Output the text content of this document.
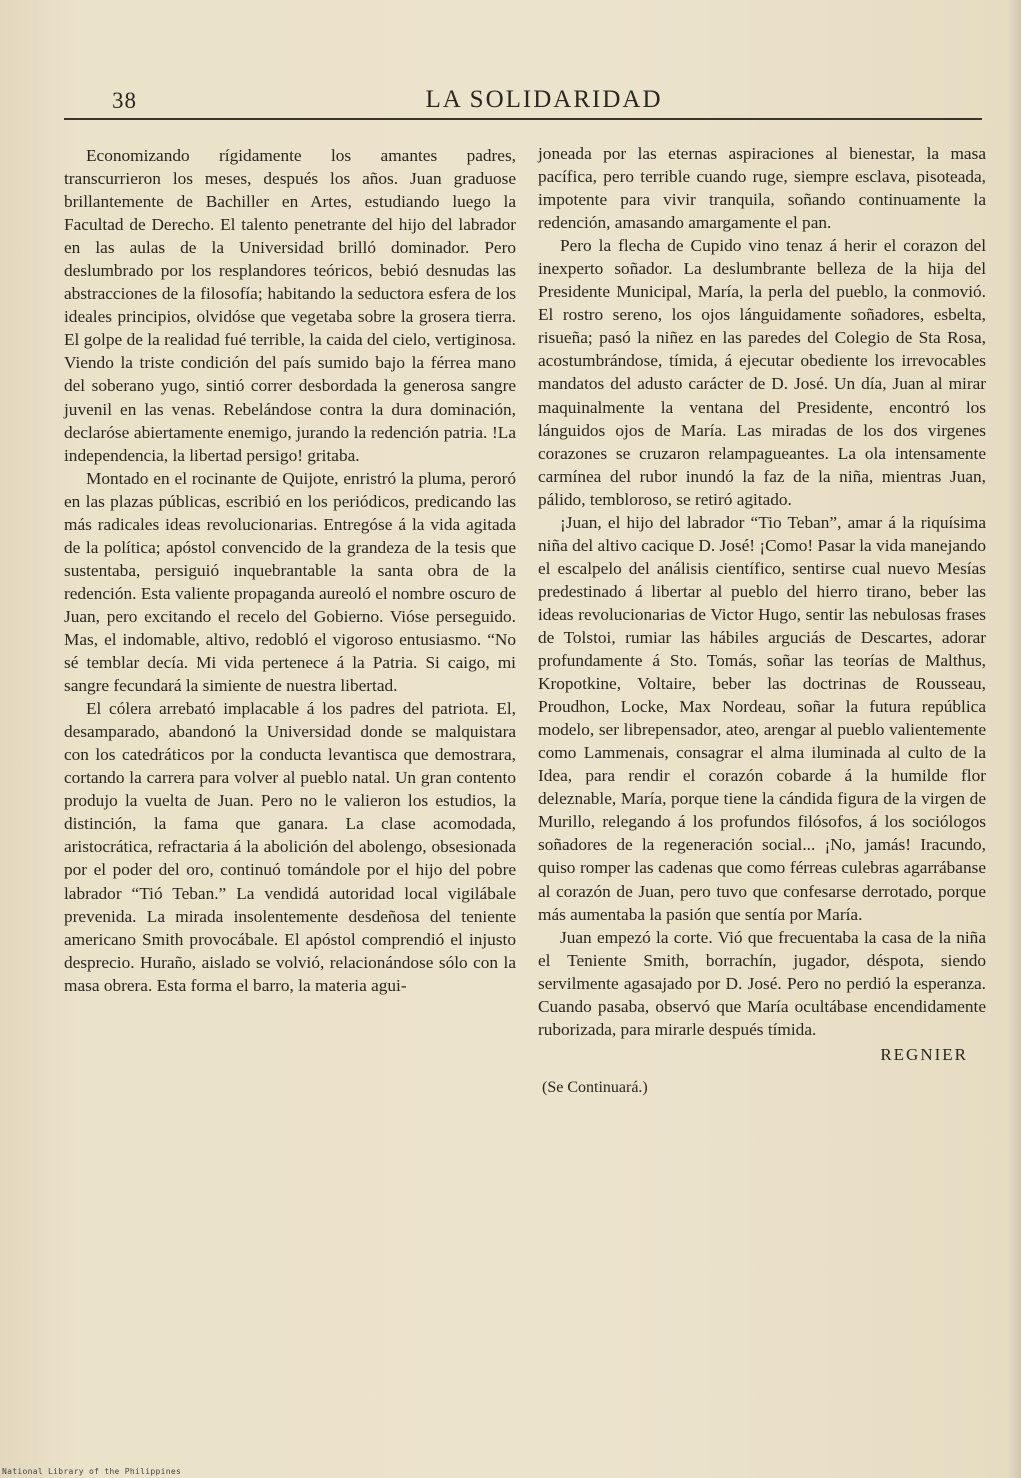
38	LA SOLIDARIDAD

Economizando rígidamente los amantes padres, transcurrieron los meses, después los años. Juan graduose brillantemente de Bachiller en Artes, estudiando luego la Facultad de Derecho. El talento penetrante del hijo del labrador en las aulas de la Universidad brilló dominador. Pero deslumbrado por los resplandores teóricos, bebió desnudas las abstracciones de la filosofía; habitando la seductora esfera de los ideales principios, olvidóse que vegetaba sobre la grosera tierra. El golpe de la realidad fué terrible, la caida del cielo, vertiginosa. Viendo la triste condición del país sumido bajo la férrea mano del soberano yugo, sintió correr desbordada la generosa sangre juvenil en las venas. Rebelándose contra la dura dominación, declaróse abiertamente enemigo, jurando la redención patria. !La independencia, la libertad persigo! gritaba.

Montado en el rocinante de Quijote, enristró la pluma, peroró en las plazas públicas, escribió en los periódicos, predicando las más radicales ideas revolucionarias. Entregóse á la vida agitada de la política; apóstol convencido de la grandeza de la tesis que sustentaba, persiguió inquebrantable la santa obra de la redención. Esta valiente propaganda aureoló el nombre oscuro de Juan, pero excitando el recelo del Gobierno. Vióse perseguido. Mas, el indomable, altivo, redobló el vigoroso entusiasmo. “No sé temblar decía. Mi vida pertenece á la Patria. Si caigo, mi sangre fecundará la simiente de nuestra libertad.

El cólera arrebató implacable á los padres del patriota. El, desamparado, abandonó la Universidad donde se malquistara con los catedráticos por la conducta levantisca que demostrara, cortando la carrera para volver al pueblo natal. Un gran contento produjo la vuelta de Juan. Pero no le valieron los estudios, la distinción, la fama que ganara. La clase acomodada, aristocrática, refractaria á la abolición del abolengo, obsesionada por el poder del oro, continuó tomándole por el hijo del pobre labrador “Tió Teban.” La vendidá autoridad local vigilábale prevenida. La mirada insolentemente desdeñosa del teniente americano Smith provocábale. El apóstol comprendió el injusto desprecio. Huraño, aislado se volvió, relacionándose sólo con la masa obrera. Esta forma el barro, la materia agui-

joneada por las eternas aspiraciones al bienestar, la masa pacífica, pero terrible cuando ruge, siempre esclava, pisoteada, impotente para vivir tranquila, soñando continuamente la redención, amasando amargamente el pan.

Pero la flecha de Cupido vino tenaz á herir el corazon del inexperto soñador. La deslumbrante belleza de la hija del Presidente Municipal, María, la perla del pueblo, la conmovió. El rostro sereno, los ojos lánguidamente soñadores, esbelta, risueña; pasó la niñez en las paredes del Colegio de Sta Rosa, acostumbrándose, tímida, á ejecutar obediente los irrevocables mandatos del adusto carácter de D. José. Un día, Juan al mirar maquinalmente la ventana del Presidente, encontró los lánguidos ojos de María. Las miradas de los dos virgenes corazones se cruzaron relampagueantes. La ola intensamente carmínea del rubor inundó la faz de la niña, mientras Juan, pálido, tembloroso, se retiró agitado.

¡Juan, el hijo del labrador “Tio Teban”, amar á la riquísima niña del altivo cacique D. José! ¡Como! Pasar la vida manejando el escalpelo del análisis científico, sentirse cual nuevo Mesías predestinado á libertar al pueblo del hierro tirano, beber las ideas revolucionarias de Victor Hugo, sentir las nebulosas frases de Tolstoi, rumiar las hábiles arguciás de Descartes, adorar profundamente á Sto. Tomás, soñar las teorías de Malthus, Kropotkine, Voltaire, beber las doctrinas de Rousseau, Proudhon, Locke, Max Nordeau, soñar la futura república modelo, ser librepensador, ateo, arengar al pueblo valientemente como Lammenais, consagrar el alma iluminada al culto de la Idea, para rendir el corazón cobarde á la humilde flor deleznable, María, porque tiene la cándida figura de la virgen de Murillo, relegando á los profundos filósofos, á los sociólogos soñadores de la regeneración social... ¡No, jamás! Iracundo, quiso romper las cadenas que como férreas culebras agarrábanse al corazón de Juan, pero tuvo que confesarse derrotado, porque más aumentaba la pasión que sentía por María.

Juan empezó la corte. Vió que frecuentaba la casa de la niña el Teniente Smith, borrachín, jugador, déspota, siendo servilmente agasajado por D. José. Pero no perdió la esperanza. Cuando pasaba, observó que María ocultábase encendidamente ruborizada, para mirarle después tímida.

REGNIER
(Se Continuará.)
National Library of the Philippines
